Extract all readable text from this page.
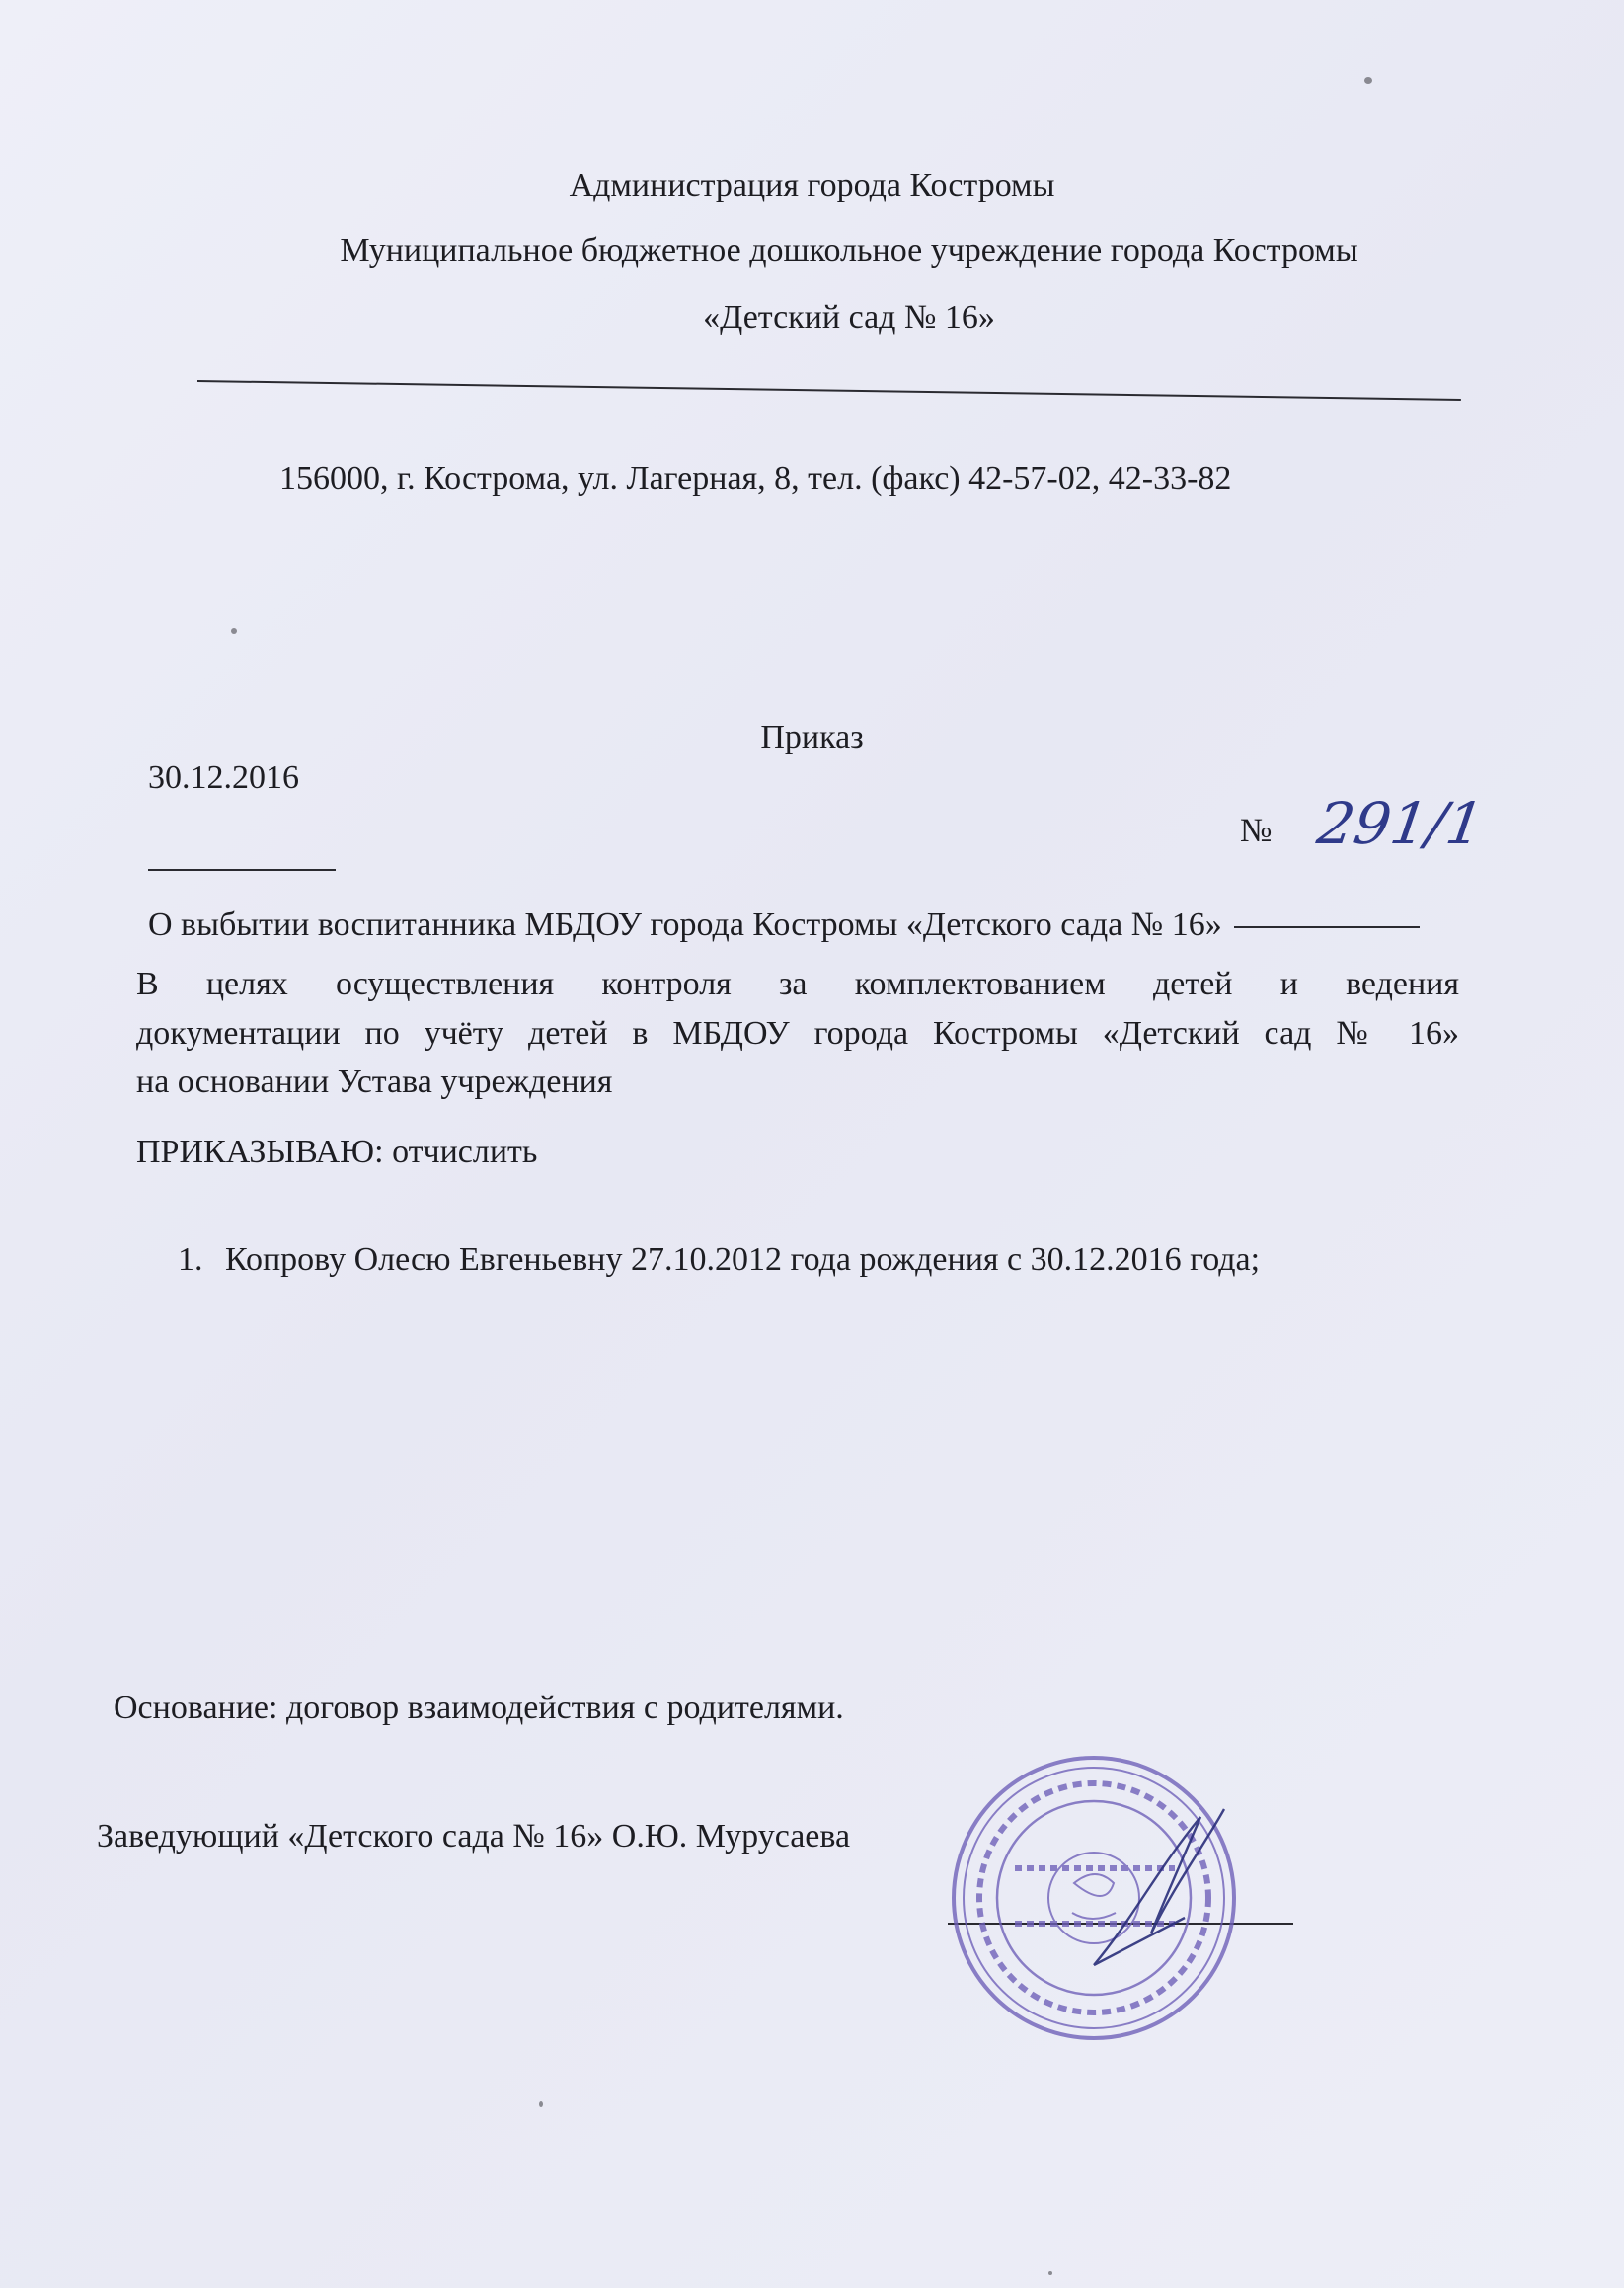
Администрация города Костромы
Муниципальное бюджетное дошкольное учреждение города Костромы
«Детский сад № 16»
156000, г. Кострома, ул. Лагерная, 8, тел. (факс) 42-57-02, 42-33-82
Приказ
30.12.2016
№ 291/1
О выбытии воспитанника МБДОУ города Костромы «Детского сада № 16»
В целях осуществления контроля за комплектованием детей и ведения
документации по учёту детей в МБДОУ города Костромы «Детский сад № 16»
на основании Устава учреждения
ПРИКАЗЫВАЮ: отчислить
1. Копрову Олесю Евгеньевну 27.10.2012 года рождения с 30.12.2016 года;
Основание: договор взаимодействия с родителями.
Заведующий «Детского сада № 16» О.Ю. Мурусаева
